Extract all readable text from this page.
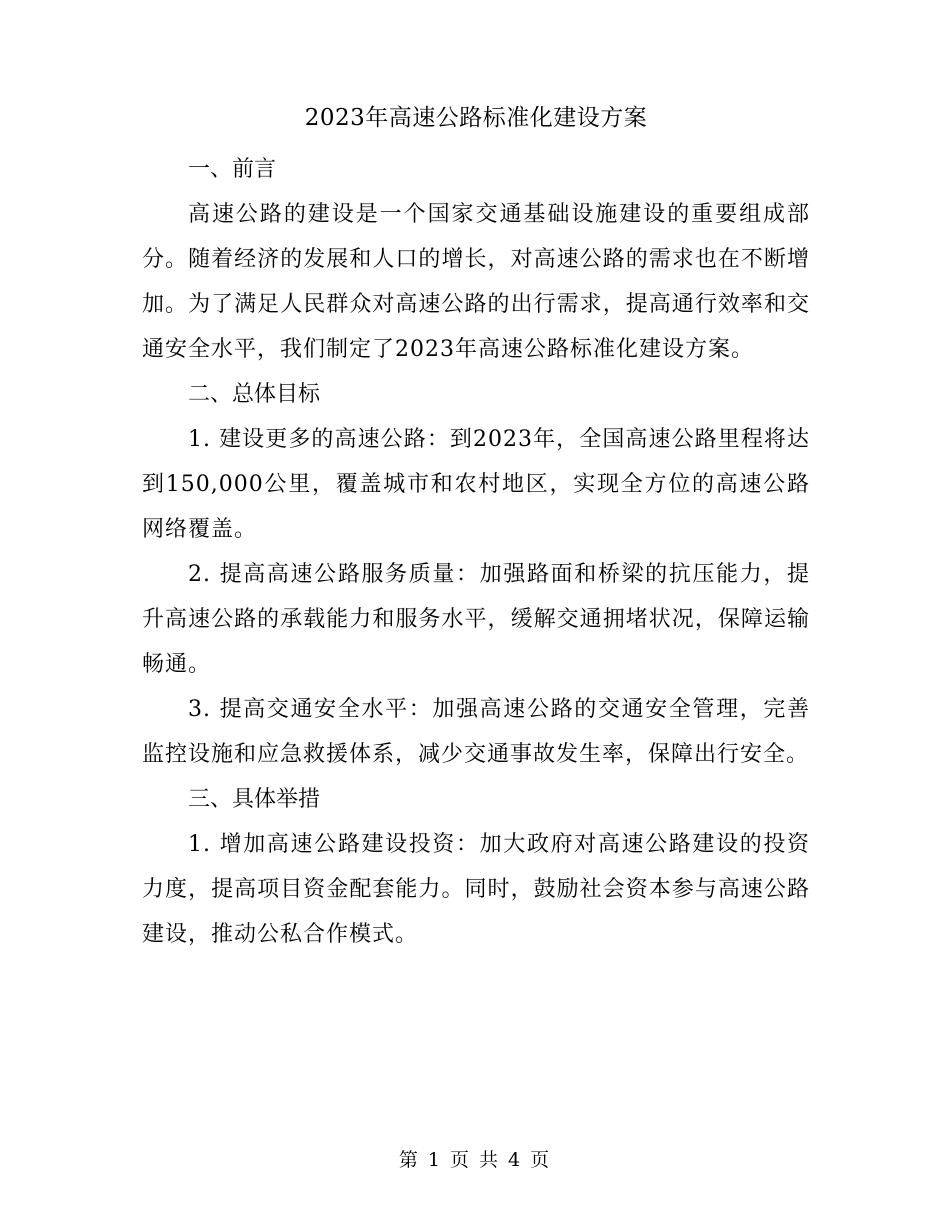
2023年高速公路标准化建设方案

一、前言

高速公路的建设是一个国家交通基础设施建设的重要组成部分。随着经济的发展和人口的增长，对高速公路的需求也在不断增加。为了满足人民群众对高速公路的出行需求，提高通行效率和交通安全水平，我们制定了2023年高速公路标准化建设方案。

二、总体目标

1. 建设更多的高速公路：到2023年，全国高速公路里程将达到150,000公里，覆盖城市和农村地区，实现全方位的高速公路网络覆盖。

2. 提高高速公路服务质量：加强路面和桥梁的抗压能力，提升高速公路的承载能力和服务水平，缓解交通拥堵状况，保障运输畅通。

3. 提高交通安全水平：加强高速公路的交通安全管理，完善监控设施和应急救援体系，减少交通事故发生率，保障出行安全。

三、具体举措

1. 增加高速公路建设投资：加大政府对高速公路建设的投资力度，提高项目资金配套能力。同时，鼓励社会资本参与高速公路建设，推动公私合作模式。

第 1 页 共 4 页
